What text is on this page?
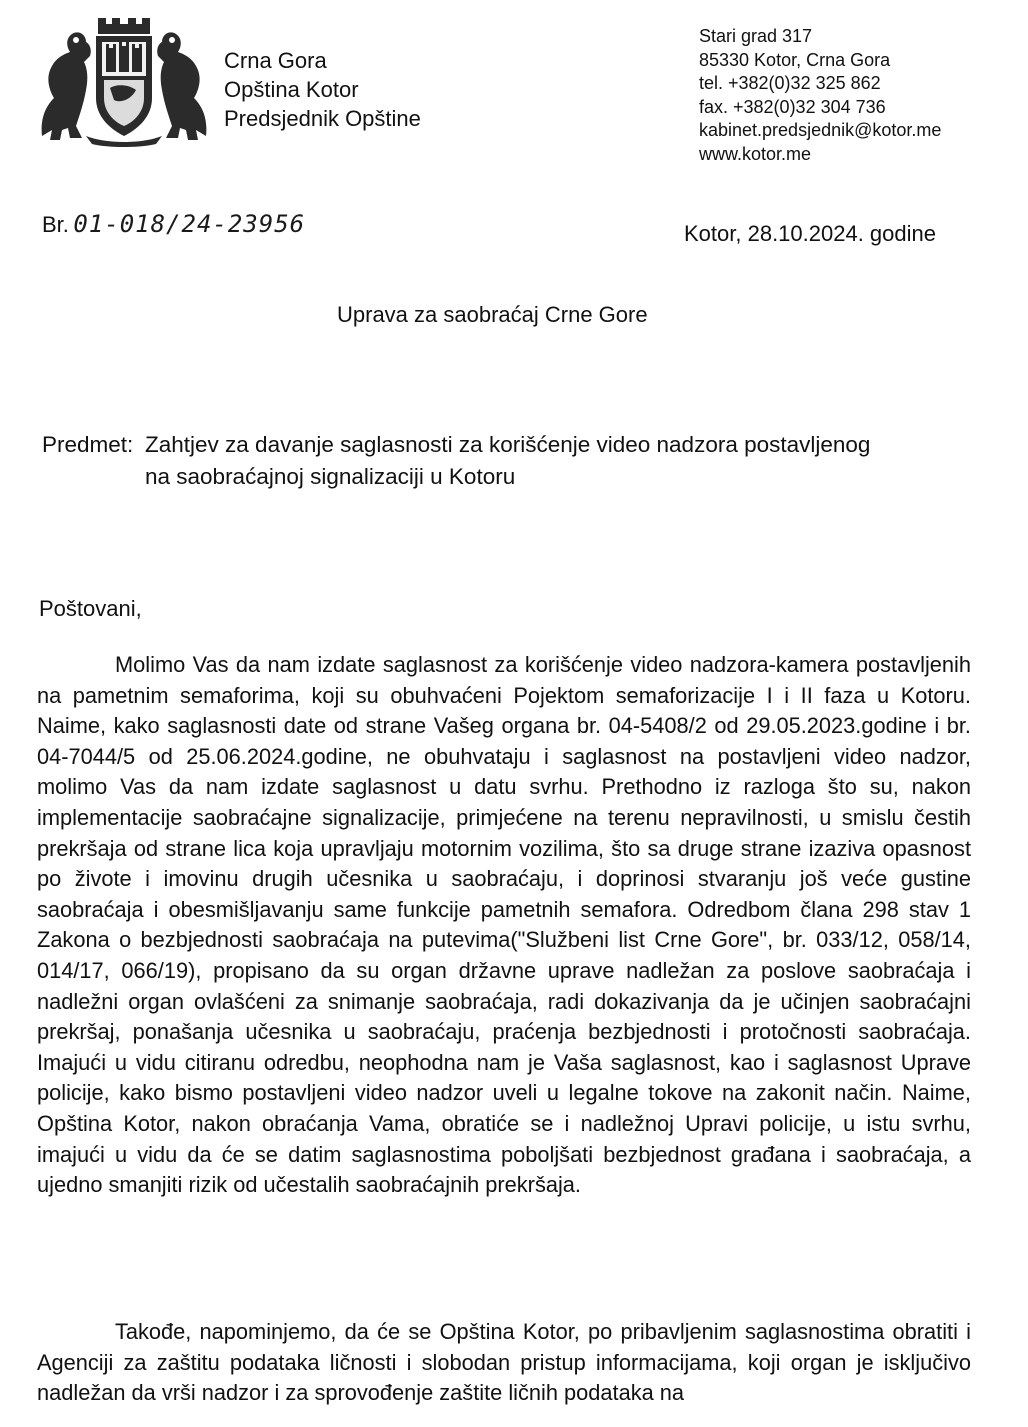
Crna Gora
Opština Kotor
Predsjednik Opštine
Stari grad 317
85330 Kotor, Crna Gora
tel. +382(0)32 325 862
fax. +382(0)32 304 736
kabinet.predsjednik@kotor.me
www.kotor.me
Br. 01-018/24-23956	Kotor, 28.10.2024. godine
Uprava za saobraćaj Crne Gore
Predmet: Zahtjev za davanje saglasnosti za korišćenje video nadzora postavljenog
na saobraćajnoj signalizaciji u Kotoru
Poštovani,

Molimo Vas da nam izdate saglasnost za korišćenje video nadzora-kamera postavljenih na pametnim semaforima, koji su obuhvaćeni Pojektom semaforizacije I i II faza u Kotoru. Naime, kako saglasnosti date od strane Vašeg organa br. 04-5408/2 od 29.05.2023.godine i br. 04-7044/5 od 25.06.2024.godine, ne obuhvataju i saglasnost na postavljeni video nadzor, molimo Vas da nam izdate saglasnost u datu svrhu. Prethodno iz razloga što su, nakon implementacije saobraćajne signalizacije, primjećene na terenu nepravilnosti, u smislu čestih prekršaja od strane lica koja upravljaju motornim vozilima, što sa druge strane izaziva opasnost po živote i imovinu drugih učesnika u saobraćaju, i doprinosi stvaranju još veće gustine saobraćaja i obesmišljavanju same funkcije pametnih semafora. Odredbom člana 298 stav 1 Zakona o bezbjednosti saobraćaja na putevima("Službeni list Crne Gore", br. 033/12, 058/14, 014/17, 066/19), propisano da su organ državne uprave nadležan za poslove saobraćaja i nadležni organ ovlašćeni za snimanje saobraćaja, radi dokazivanja da je učinjen saobraćajni prekršaj, ponašanja učesnika u saobraćaju, praćenja bezbjednosti i protočnosti saobraćaja. Imajući u vidu citiranu odredbu, neophodna nam je Vaša saglasnost, kao i saglasnost Uprave policije, kako bismo postavljeni video nadzor uveli u legalne tokove na zakonit način. Naime, Opština Kotor, nakon obraćanja Vama, obratiće se i nadležnoj Upravi policije, u istu svrhu, imajući u vidu da će se datim saglasnostima poboljšati bezbjednost građana i saobraćaja, a ujedno smanjiti rizik od učestalih saobraćajnih prekršaja.

Takođe, napominjemo, da će se Opština Kotor, po pribavljenim saglasnostima obratiti i Agenciji za zaštitu podataka ličnosti i slobodan pristup informacijama, koji organ je isključivo nadležan da vrši nadzor i za sprovođenje zaštite ličnih podataka na
